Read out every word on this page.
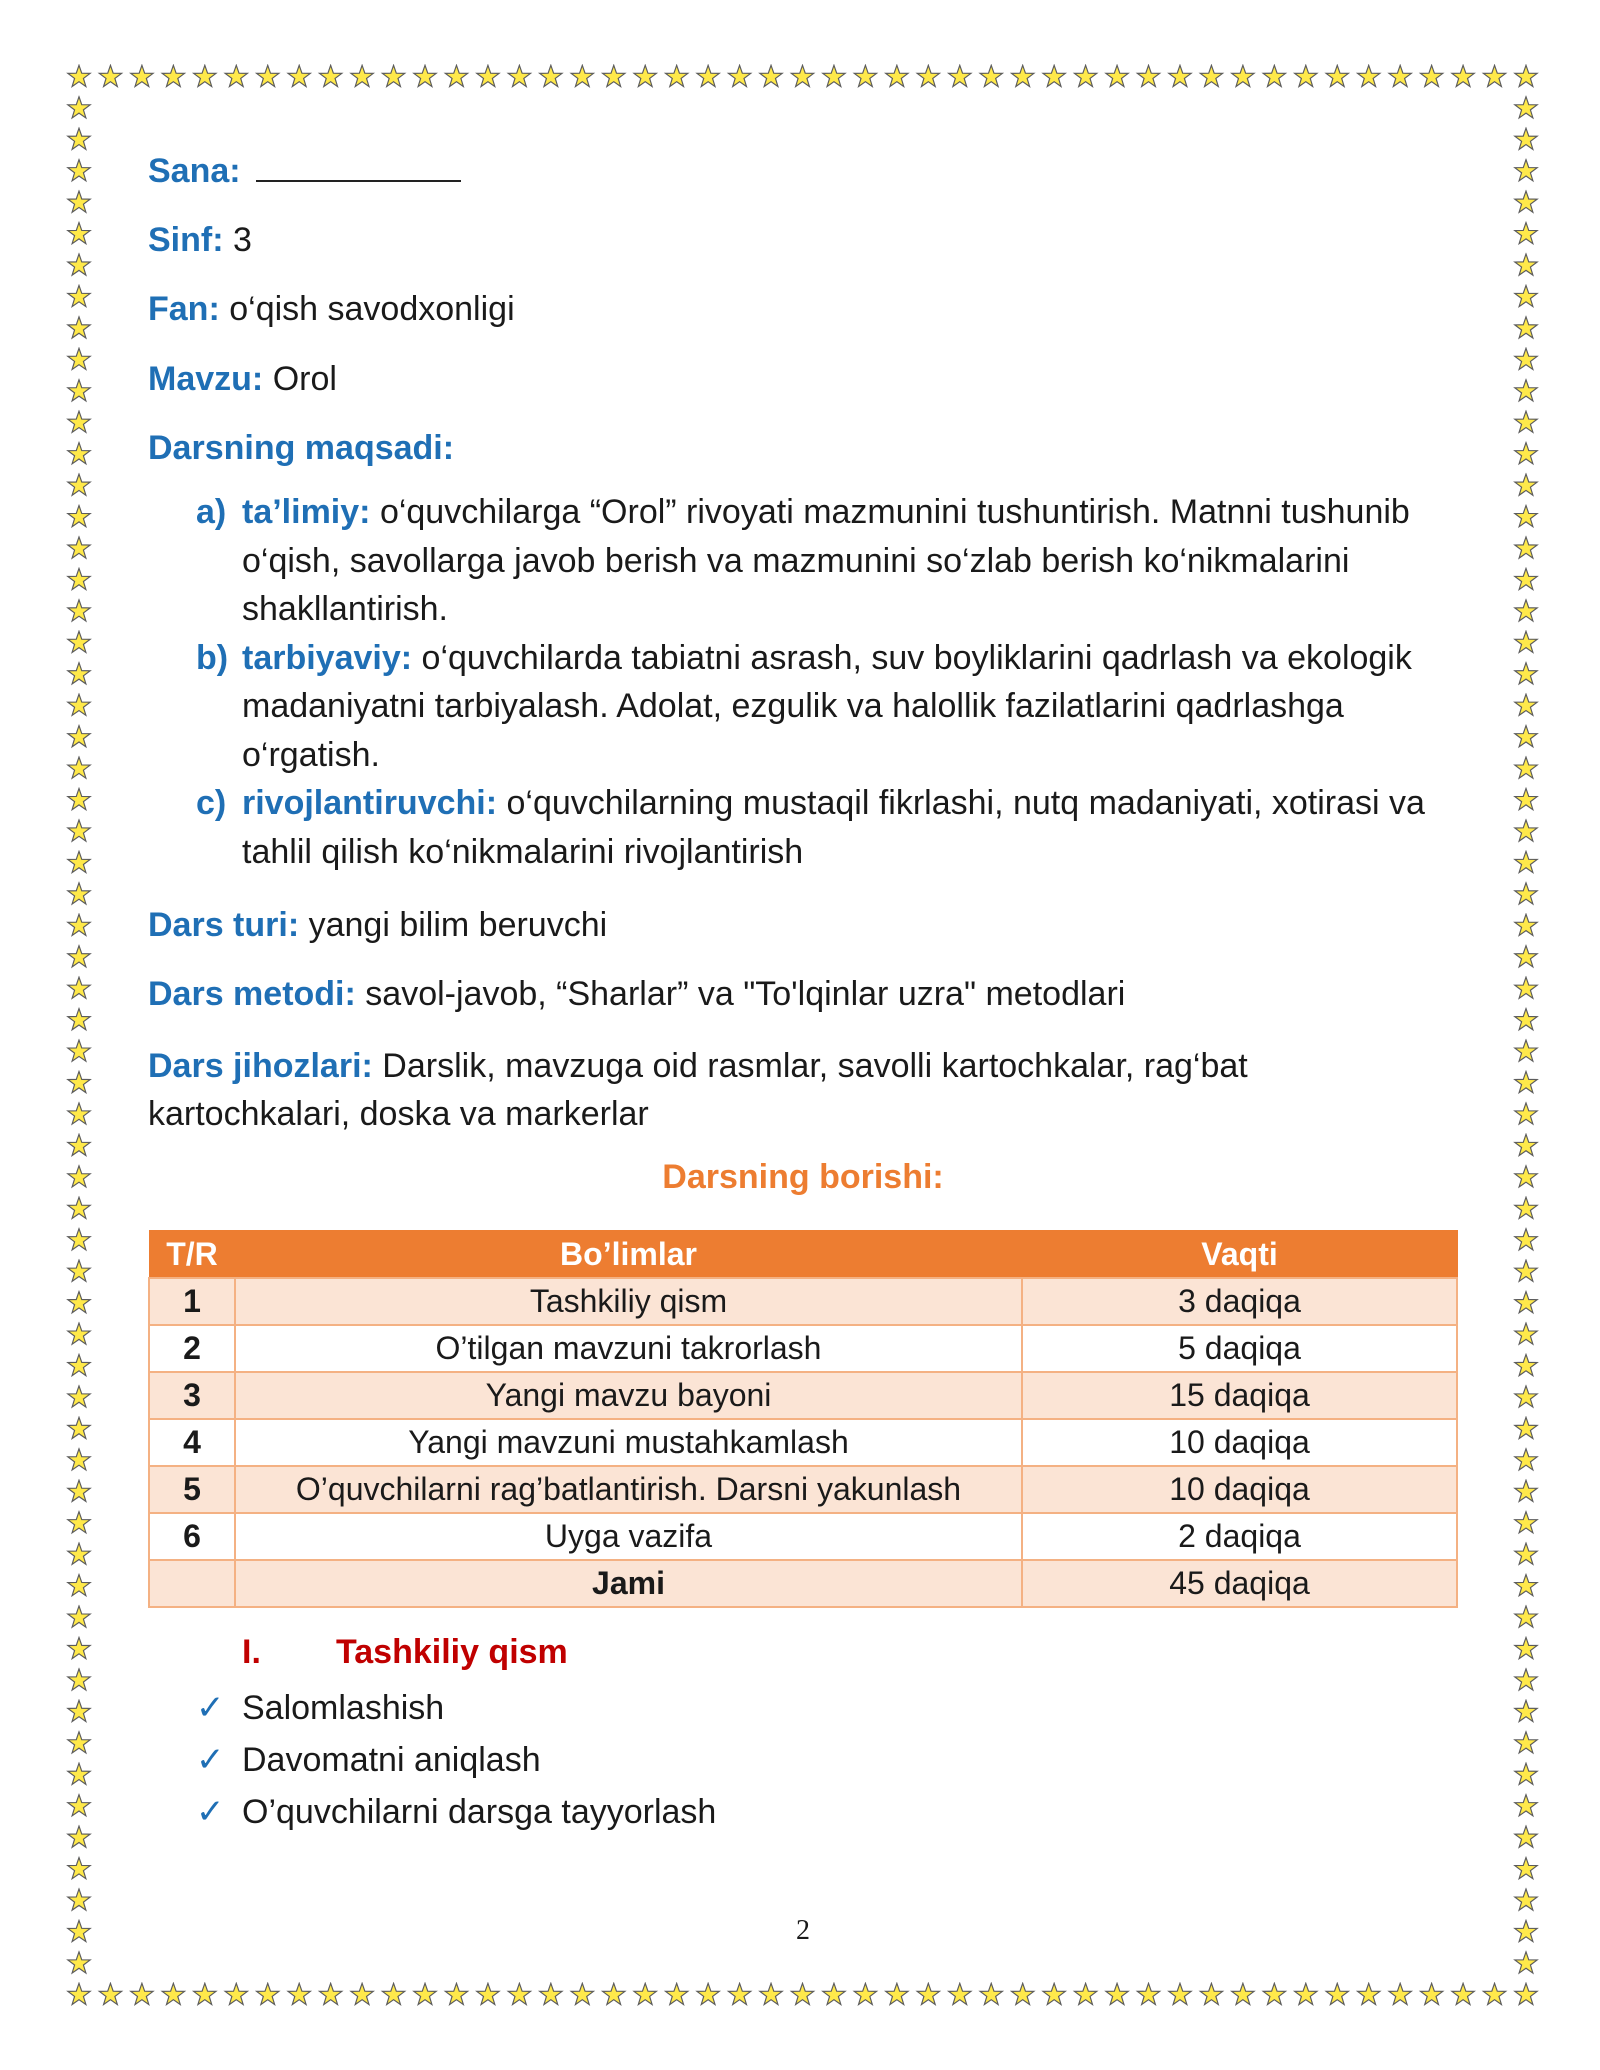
Sana:
Sinf: 3
Fan: o‘qish savodxonligi
Mavzu: Orol
Darsning maqsadi:
a) ta’limiy: o‘quvchilarga “Orol” rivoyati mazmunini tushuntirish. Matnni tushunib o‘qish, savollarga javob berish va mazmunini so‘zlab berish ko‘nikmalarini shakllantirish.
b) tarbiyaviy: o‘quvchilarda tabiatni asrash, suv boyliklarini qadrlash va ekologik madaniyatni tarbiyalash. Adolat, ezgulik va halollik fazilatlarini qadrlashga o‘rgatish.
c) rivojlantiruvchi: o‘quvchilarning mustaqil fikrlashi, nutq madaniyati, xotirasi va tahlil qilish ko‘nikmalarini rivojlantirish
Dars turi: yangi bilim beruvchi
Dars metodi: savol-javob, “Sharlar” va "To'lqinlar uzra" metodlari
Dars jihozlari: Darslik, mavzuga oid rasmlar, savolli kartochkalar, rag‘bat kartochkalari, doska va markerlar
Darsning borishi:
T/R	Bo’limlar	Vaqti
1	Tashkiliy qism	3 daqiqa
2	O’tilgan mavzuni takrorlash	5 daqiqa
3	Yangi mavzu bayoni	15 daqiqa
4	Yangi mavzuni mustahkamlash	10 daqiqa
5	O’quvchilarni rag’batlantirish. Darsni yakunlash	10 daqiqa
6	Uyga vazifa	2 daqiqa
	Jami	45 daqiqa
I. Tashkiliy qism
✓ Salomlashish
✓ Davomatni aniqlash
✓ O’quvchilarni darsga tayyorlash
2
